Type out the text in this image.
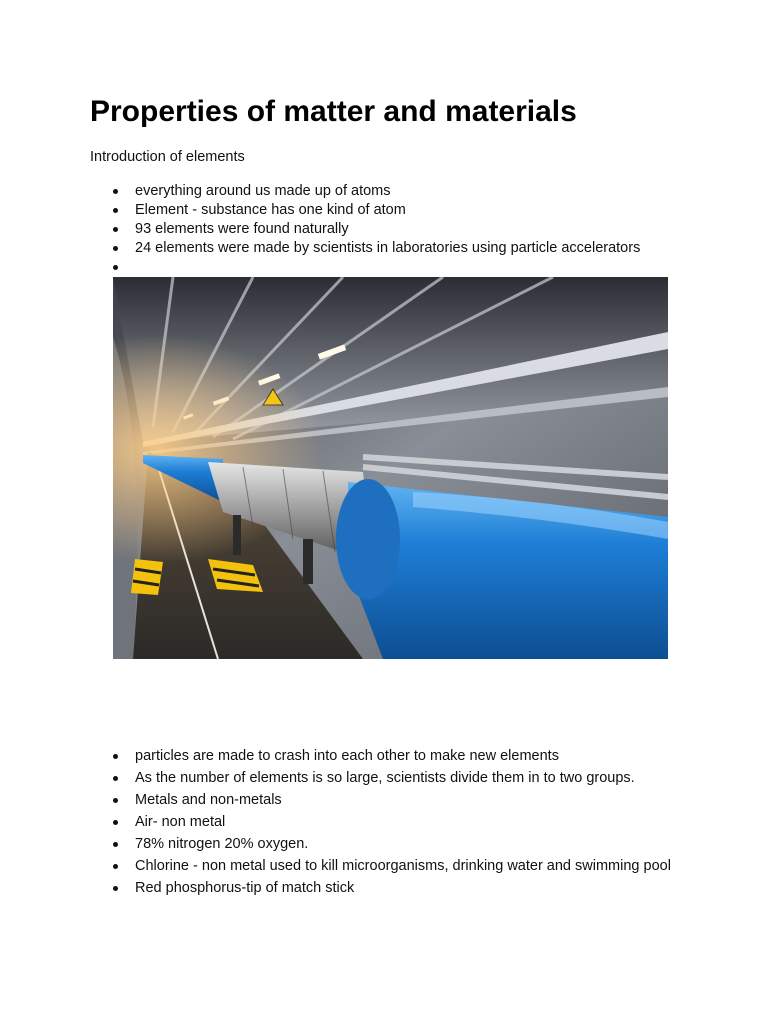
Properties of matter and materials

Introduction of elements

everything around us made up of atoms
Element - substance has one kind of atom
93 elements were found naturally
24 elements were made by scientists in laboratories using particle accelerators

particles are made to crash into each other to make new elements
As the number of elements is so large, scientists divide them in to two groups.
Metals and non-metals
Air- non metal
78% nitrogen 20% oxygen.
Chlorine - non metal used to kill microorganisms, drinking water and swimming pool
Red phosphorus-tip of match stick
